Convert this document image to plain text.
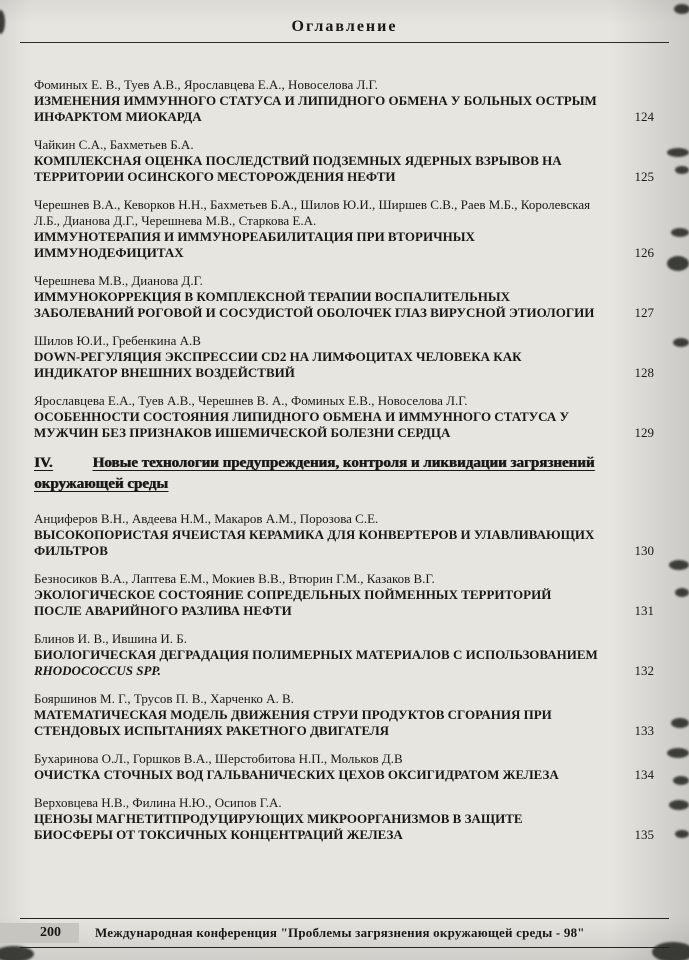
Оглавление
Фоминых Е. В., Туев А.В., Ярославцева Е.А., Новоселова Л.Г.
ИЗМЕНЕНИЯ ИММУННОГО СТАТУСА И ЛИПИДНОГО ОБМЕНА У БОЛЬНЫХ ОСТРЫМ ИНФАРКТОМ МИОКАРДА	124
Чайкин С.А., Бахметьев Б.А.
КОМПЛЕКСНАЯ ОЦЕНКА ПОСЛЕДСТВИЙ ПОДЗЕМНЫХ ЯДЕРНЫХ ВЗРЫВОВ НА ТЕРРИТОРИИ ОСИНСКОГО МЕСТОРОЖДЕНИЯ НЕФТИ	125
Черешнев В.А., Кеворков Н.Н., Бахметьев Б.А., Шилов Ю.И., Ширшев С.В., Раев М.Б., Королевская Л.Б., Дианова Д.Г., Черешнева М.В., Старкова Е.А.
ИММУНОТЕРАПИЯ И ИММУНОРЕАБИЛИТАЦИЯ ПРИ ВТОРИЧНЫХ ИММУНОДЕФИЦИТАХ	126
Черешнева М.В., Дианова Д.Г.
ИММУНОКОРРЕКЦИЯ В КОМПЛЕКСНОЙ ТЕРАПИИ ВОСПАЛИТЕЛЬНЫХ ЗАБОЛЕВАНИЙ РОГОВОЙ И СОСУДИСТОЙ ОБОЛОЧЕК ГЛАЗ ВИРУСНОЙ ЭТИОЛОГИИ	127
Шилов Ю.И., Гребенкина А.В
DOWN-РЕГУЛЯЦИЯ ЭКСПРЕССИИ CD2 НА ЛИМФОЦИТАХ ЧЕЛОВЕКА КАК ИНДИКАТОР ВНЕШНИХ ВОЗДЕЙСТВИЙ	128
Ярославцева Е.А., Туев А.В., Черешнев В. А., Фоминых Е.В., Новоселова Л.Г.
ОСОБЕННОСТИ СОСТОЯНИЯ ЛИПИДНОГО ОБМЕНА И ИММУННОГО СТАТУСА У МУЖЧИН БЕЗ ПРИЗНАКОВ ИШЕМИЧЕСКОЙ БОЛЕЗНИ СЕРДЦА	129
IV.	Новые технологии предупреждения, контроля и ликвидации загрязнений окружающей среды
Анциферов В.Н., Авдеева Н.М., Макаров А.М., Порозова С.Е.
ВЫСОКОПОРИСТАЯ ЯЧЕИСТАЯ КЕРАМИКА ДЛЯ КОНВЕРТЕРОВ И УЛАВЛИВАЮЩИХ ФИЛЬТРОВ	130
Безносиков В.А., Лаптева Е.М., Мокиев В.В., Втюрин Г.М., Казаков В.Г.
ЭКОЛОГИЧЕСКОЕ СОСТОЯНИЕ СОПРЕДЕЛЬНЫХ ПОЙМЕННЫХ ТЕРРИТОРИЙ ПОСЛЕ АВАРИЙНОГО РАЗЛИВА НЕФТИ	131
Блинов И. В., Ившина И. Б.
БИОЛОГИЧЕСКАЯ ДЕГРАДАЦИЯ ПОЛИМЕРНЫХ МАТЕРИАЛОВ С ИСПОЛЬЗОВАНИЕМ RHODOCOCCUS SPP.	132
Бояршинов М. Г., Трусов П. В., Харченко А. В.
МАТЕМАТИЧЕСКАЯ МОДЕЛЬ ДВИЖЕНИЯ СТРУИ ПРОДУКТОВ СГОРАНИЯ ПРИ СТЕНДОВЫХ ИСПЫТАНИЯХ РАКЕТНОГО ДВИГАТЕЛЯ	133
Бухаринова О.Л., Горшков В.А., Шерстобитова Н.П., Мольков Д.В
ОЧИСТКА СТОЧНЫХ ВОД ГАЛЬВАНИЧЕСКИХ ЦЕХОВ ОКСИГИДРАТОМ ЖЕЛЕЗА	134
Верховцева Н.В., Филина Н.Ю., Осипов Г.А.
ЦЕНОЗЫ МАГНЕТИТПРОДУЦИРУЮЩИХ МИКРООРГАНИЗМОВ В ЗАЩИТЕ БИОСФЕРЫ ОТ ТОКСИЧНЫХ КОНЦЕНТРАЦИЙ ЖЕЛЕЗА	135
200	Международная конференция "Проблемы загрязнения окружающей среды - 98"
